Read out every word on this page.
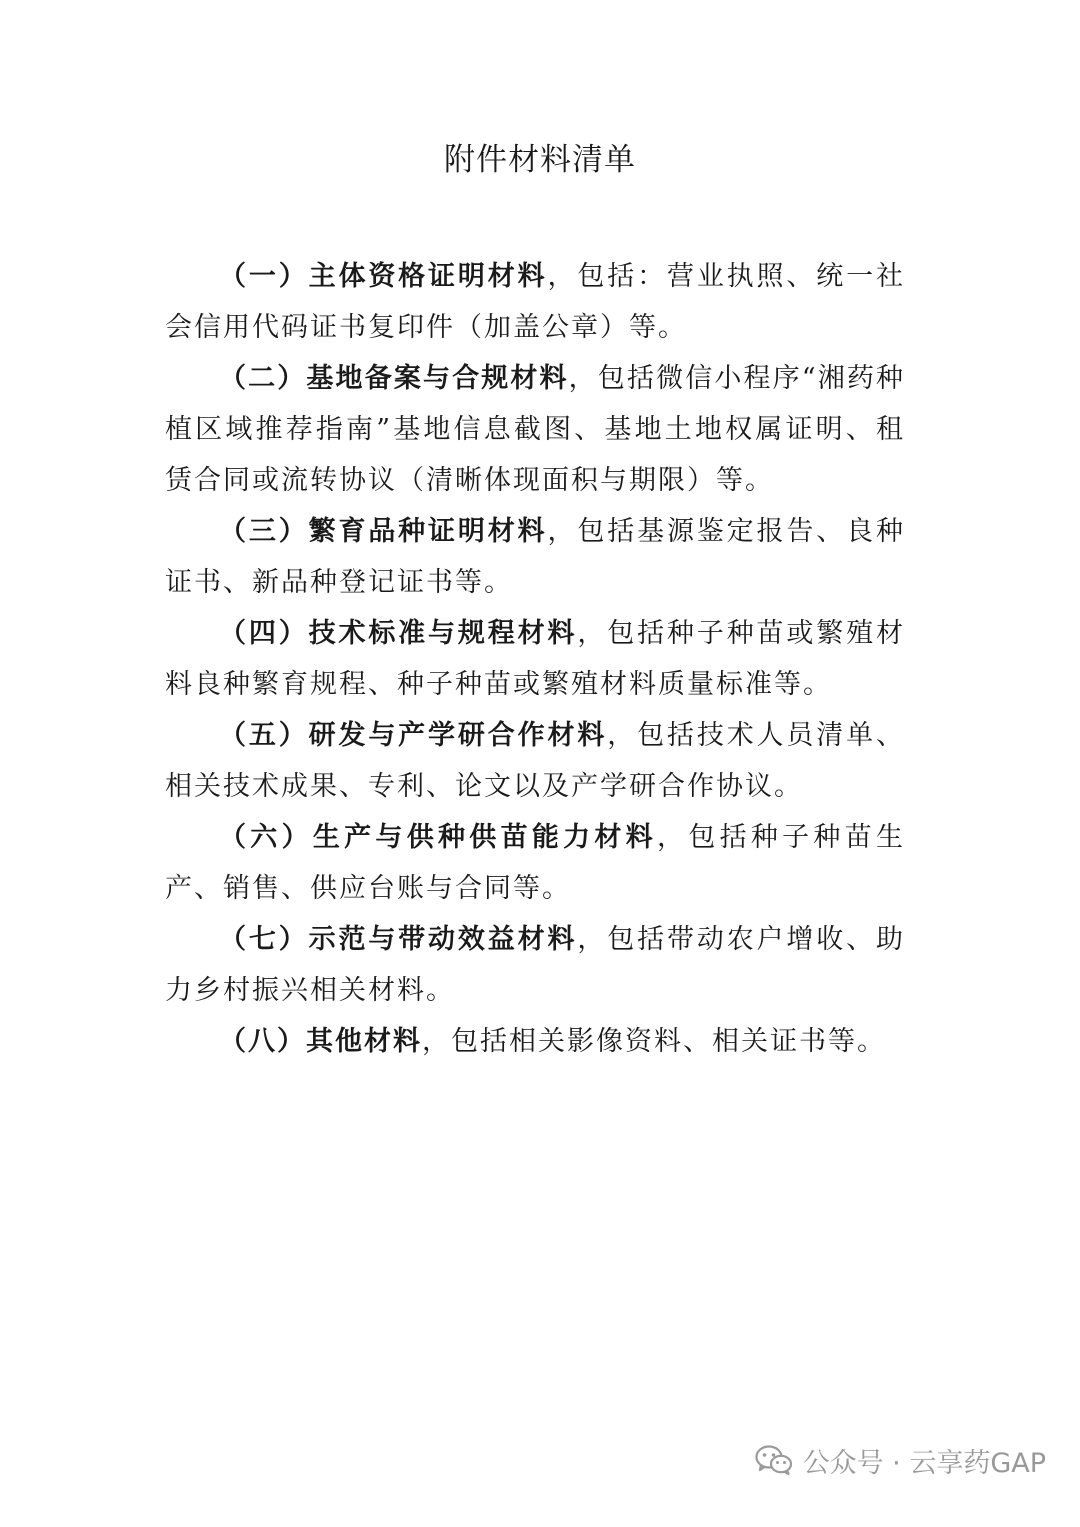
附件材料清单

（一）主体资格证明材料，包括：营业执照、统一社会信用代码证书复印件（加盖公章）等。

（二）基地备案与合规材料，包括微信小程序“湘药种植区域推荐指南”基地信息截图、基地土地权属证明、租赁合同或流转协议（清晰体现面积与期限）等。

（三）繁育品种证明材料，包括基源鉴定报告、良种证书、新品种登记证书等。

（四）技术标准与规程材料，包括种子种苗或繁殖材料良种繁育规程、种子种苗或繁殖材料质量标准等。

（五）研发与产学研合作材料，包括技术人员清单、相关技术成果、专利、论文以及产学研合作协议。

（六）生产与供种供苗能力材料，包括种子种苗生产、销售、供应台账与合同等。

（七）示范与带动效益材料，包括带动农户增收、助力乡村振兴相关材料。

（八）其他材料，包括相关影像资料、相关证书等。

公众号 · 云享药GAP
